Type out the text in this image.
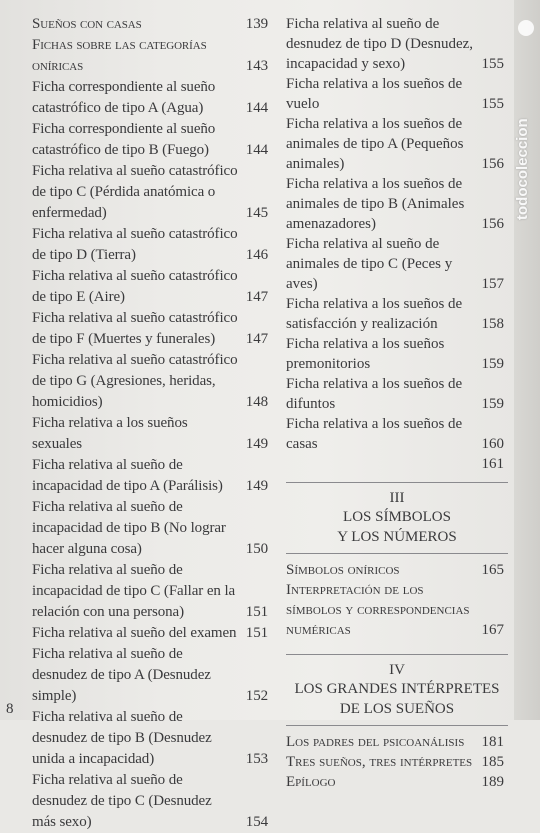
Sueños con casas	139
Fichas sobre las categorías oníricas	143
Ficha correspondiente al sueño catastrófico de tipo A (Agua)	144
Ficha correspondiente al sueño catastrófico de tipo B (Fuego)	144
Ficha relativa al sueño catastrófico de tipo C (Pérdida anatómica o enfermedad)	145
Ficha relativa al sueño catastrófico de tipo D (Tierra)	146
Ficha relativa al sueño catastrófico de tipo E (Aire)	147
Ficha relativa al sueño catastrófico de tipo F (Muertes y funerales)	147
Ficha relativa al sueño catastrófico de tipo G (Agresiones, heridas, homicidios)	148
Ficha relativa a los sueños sexuales	149
Ficha relativa al sueño de incapacidad de tipo A (Parálisis)	149
Ficha relativa al sueño de incapacidad de tipo B (No lograr hacer alguna cosa)	150
Ficha relativa al sueño de incapacidad de tipo C (Fallar en la relación con una persona)	151
Ficha relativa al sueño del examen 151
Ficha relativa al sueño de desnudez de tipo A (Desnudez simple)	152
Ficha relativa al sueño de desnudez de tipo B (Desnudez unida a incapacidad)	153
Ficha relativa al sueño de desnudez de tipo C (Desnudez más sexo)	154
Ficha relativa al sueño de desnudez de tipo D (Desnudez, incapacidad y sexo)	155
Ficha relativa a los sueños de vuelo	155
Ficha relativa a los sueños de animales de tipo A (Pequeños animales)	156
Ficha relativa a los sueños de animales de tipo B (Animales amenazadores)	156
Ficha relativa al sueño de animales de tipo C (Peces y aves)	157
Ficha relativa a los sueños de satisfacción y realización	158
Ficha relativa a los sueños premonitorios	159
Ficha relativa a los sueños de difuntos	159
Ficha relativa a los sueños de casas	160
161
III
LOS SÍMBOLOS
Y LOS NÚMEROS
Símbolos oníricos	165
Interpretación de los símbolos y correspondencias numéricas	167
IV
LOS GRANDES INTÉRPRETES
DE LOS SUEÑOS
Los padres del psicoanálisis	181
Tres sueños, tres intérpretes 185
Epílogo	189
8
todocoleccion
